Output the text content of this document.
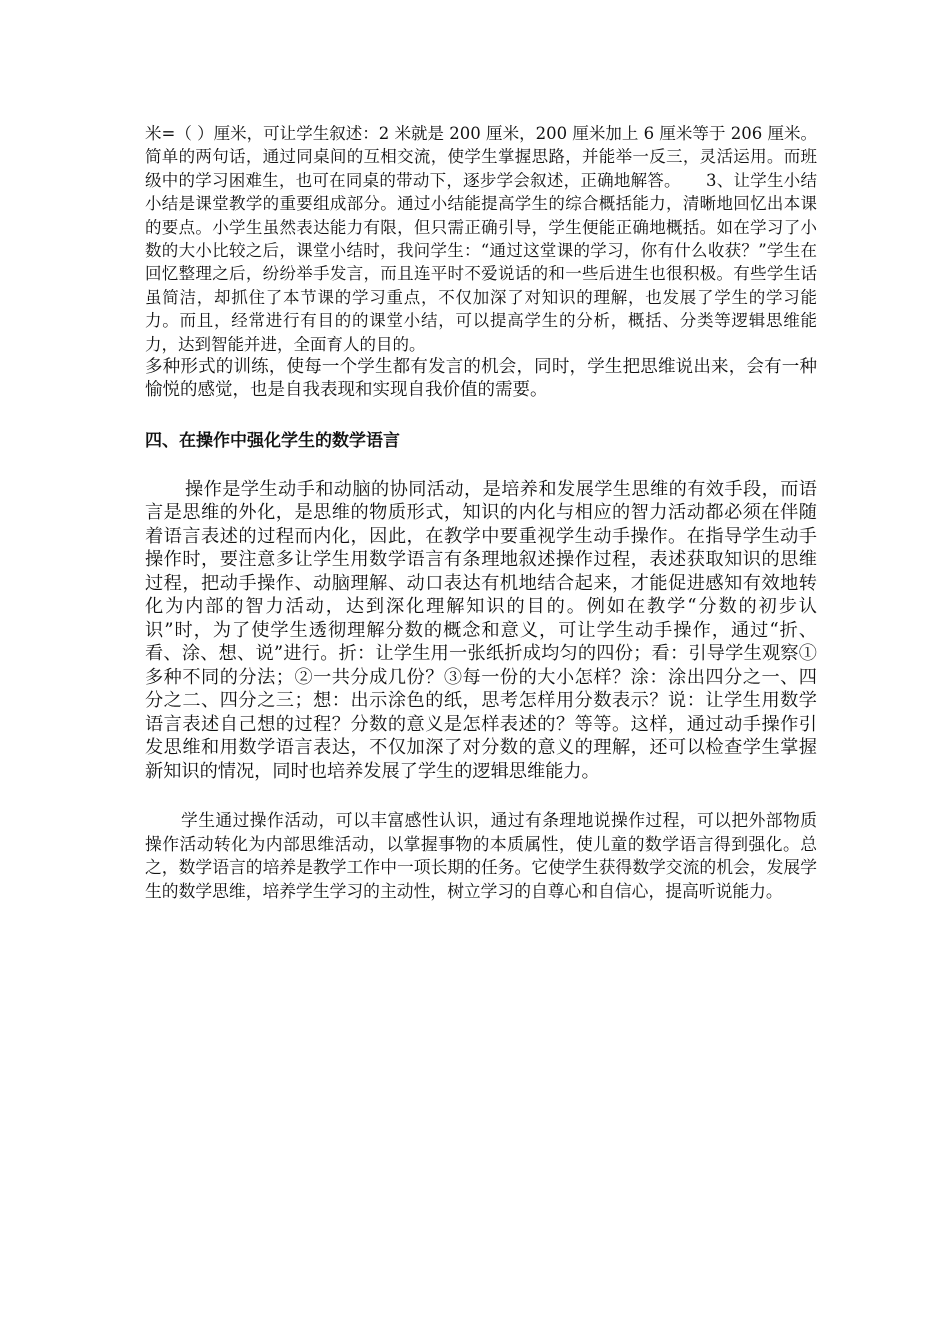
米=（ ）厘米，可让学生叙述：2 米就是 200 厘米，200 厘米加上 6 厘米等于 206 厘米。简单的两句话，通过同桌间的互相交流，使学生掌握思路，并能举一反三，灵活运用。而班级中的学习困难生，也可在同桌的带动下，逐步学会叙述，正确地解答。　　3、让学生小结　　小结是课堂教学的重要组成部分。通过小结能提高学生的综合概括能力，清晰地回忆出本课的要点。小学生虽然表达能力有限，但只需正确引导，学生便能正确地概括。如在学习了小数的大小比较之后，课堂小结时，我问学生：“通过这堂课的学习，你有什么收获？”学生在回忆整理之后，纷纷举手发言，而且连平时不爱说话的和一些后进生也很积极。有些学生话虽简洁，却抓住了本节课的学习重点，不仅加深了对知识的理解，也发展了学生的学习能力。而且，经常进行有目的的课堂小结，可以提高学生的分析，概括、分类等逻辑思维能力，达到智能并进，全面育人的目的。

多种形式的训练，使每一个学生都有发言的机会，同时，学生把思维说出来，会有一种愉悦的感觉，也是自我表现和实现自我价值的需要。

四、在操作中强化学生的数学语言

操作是学生动手和动脑的协同活动，是培养和发展学生思维的有效手段，而语言是思维的外化，是思维的物质形式，知识的内化与相应的智力活动都必须在伴随着语言表述的过程而内化，因此，在教学中要重视学生动手操作。在指导学生动手操作时，要注意多让学生用数学语言有条理地叙述操作过程，表述获取知识的思维过程，把动手操作、动脑理解、动口表达有机地结合起来，才能促进感知有效地转化为内部的智力活动，达到深化理解知识的目的。例如在教学“分数的初步认识”时，为了使学生透彻理解分数的概念和意义，可让学生动手操作，通过“折、看、涂、想、说”进行。折：让学生用一张纸折成均匀的四份；看：引导学生观察①多种不同的分法；②一共分成几份？③每一份的大小怎样？涂：涂出四分之一、四分之二、四分之三；想：出示涂色的纸，思考怎样用分数表示？说：让学生用数学语言表述自己想的过程？分数的意义是怎样表述的？等等。这样，通过动手操作引发思维和用数学语言表达，不仅加深了对分数的意义的理解，还可以检查学生掌握新知识的情况，同时也培养发展了学生的逻辑思维能力。

学生通过操作活动，可以丰富感性认识，通过有条理地说操作过程，可以把外部物质操作活动转化为内部思维活动，以掌握事物的本质属性，使儿童的数学语言得到强化。总之，数学语言的培养是教学工作中一项长期的任务。它使学生获得数学交流的机会，发展学生的数学思维，培养学生学习的主动性，树立学习的自尊心和自信心，提高听说能力。
